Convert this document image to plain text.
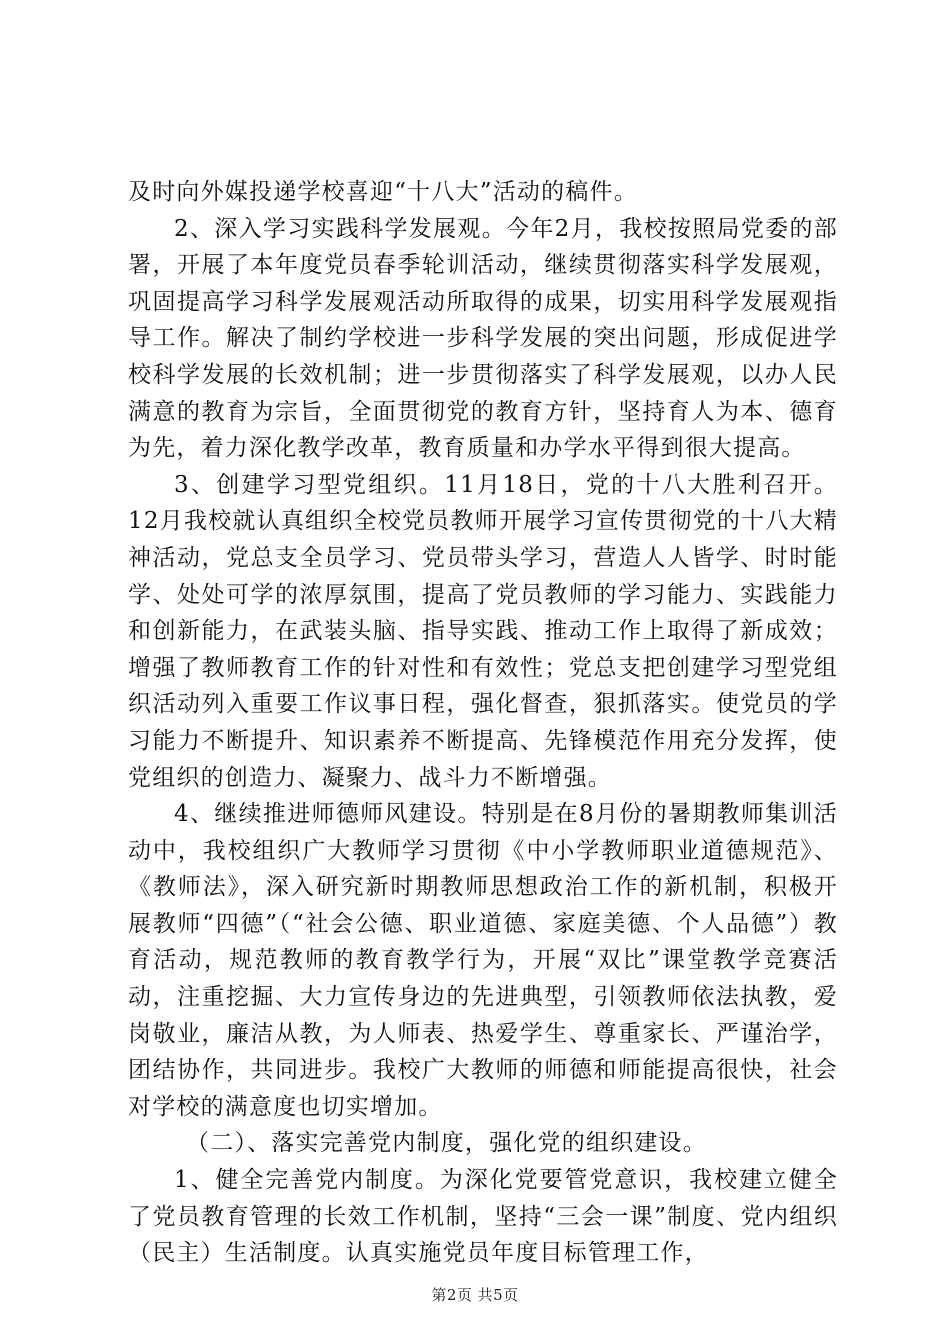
及时向外媒投递学校喜迎“十八大”活动的稿件。

2、深入学习实践科学发展观。今年2月，我校按照局党委的部署，开展了本年度党员春季轮训活动，继续贯彻落实科学发展观，巩固提高学习科学发展观活动所取得的成果，切实用科学发展观指导工作。解决了制约学校进一步科学发展的突出问题，形成促进学校科学发展的长效机制；进一步贯彻落实了科学发展观，以办人民满意的教育为宗旨，全面贯彻党的教育方针，坚持育人为本、德育为先，着力深化教学改革，教育质量和办学水平得到很大提高。

3、创建学习型党组织。11月18日，党的十八大胜利召开。12月我校就认真组织全校党员教师开展学习宣传贯彻党的十八大精神活动，党总支全员学习、党员带头学习，营造人人皆学、时时能学、处处可学的浓厚氛围，提高了党员教师的学习能力、实践能力和创新能力，在武装头脑、指导实践、推动工作上取得了新成效；增强了教师教育工作的针对性和有效性；党总支把创建学习型党组织活动列入重要工作议事日程，强化督查，狠抓落实。使党员的学习能力不断提升、知识素养不断提高、先锋模范作用充分发挥，使党组织的创造力、凝聚力、战斗力不断增强。

4、继续推进师德师风建设。特别是在8月份的暑期教师集训活动中，我校组织广大教师学习贯彻《中小学教师职业道德规范》、《教师法》，深入研究新时期教师思想政治工作的新机制，积极开展教师“四德”（“社会公德、职业道德、家庭美德、个人品德”）教育活动，规范教师的教育教学行为，开展“双比”课堂教学竞赛活动，注重挖掘、大力宣传身边的先进典型，引领教师依法执教，爱岗敬业，廉洁从教，为人师表、热爱学生、尊重家长、严谨治学，团结协作，共同进步。我校广大教师的师德和师能提高很快，社会对学校的满意度也切实增加。

（二）、落实完善党内制度，强化党的组织建设。

1、健全完善党内制度。为深化党要管党意识，我校建立健全了党员教育管理的长效工作机制，坚持“三会一课”制度、党内组织（民主）生活制度。认真实施党员年度目标管理工作，

第2页 共5页
